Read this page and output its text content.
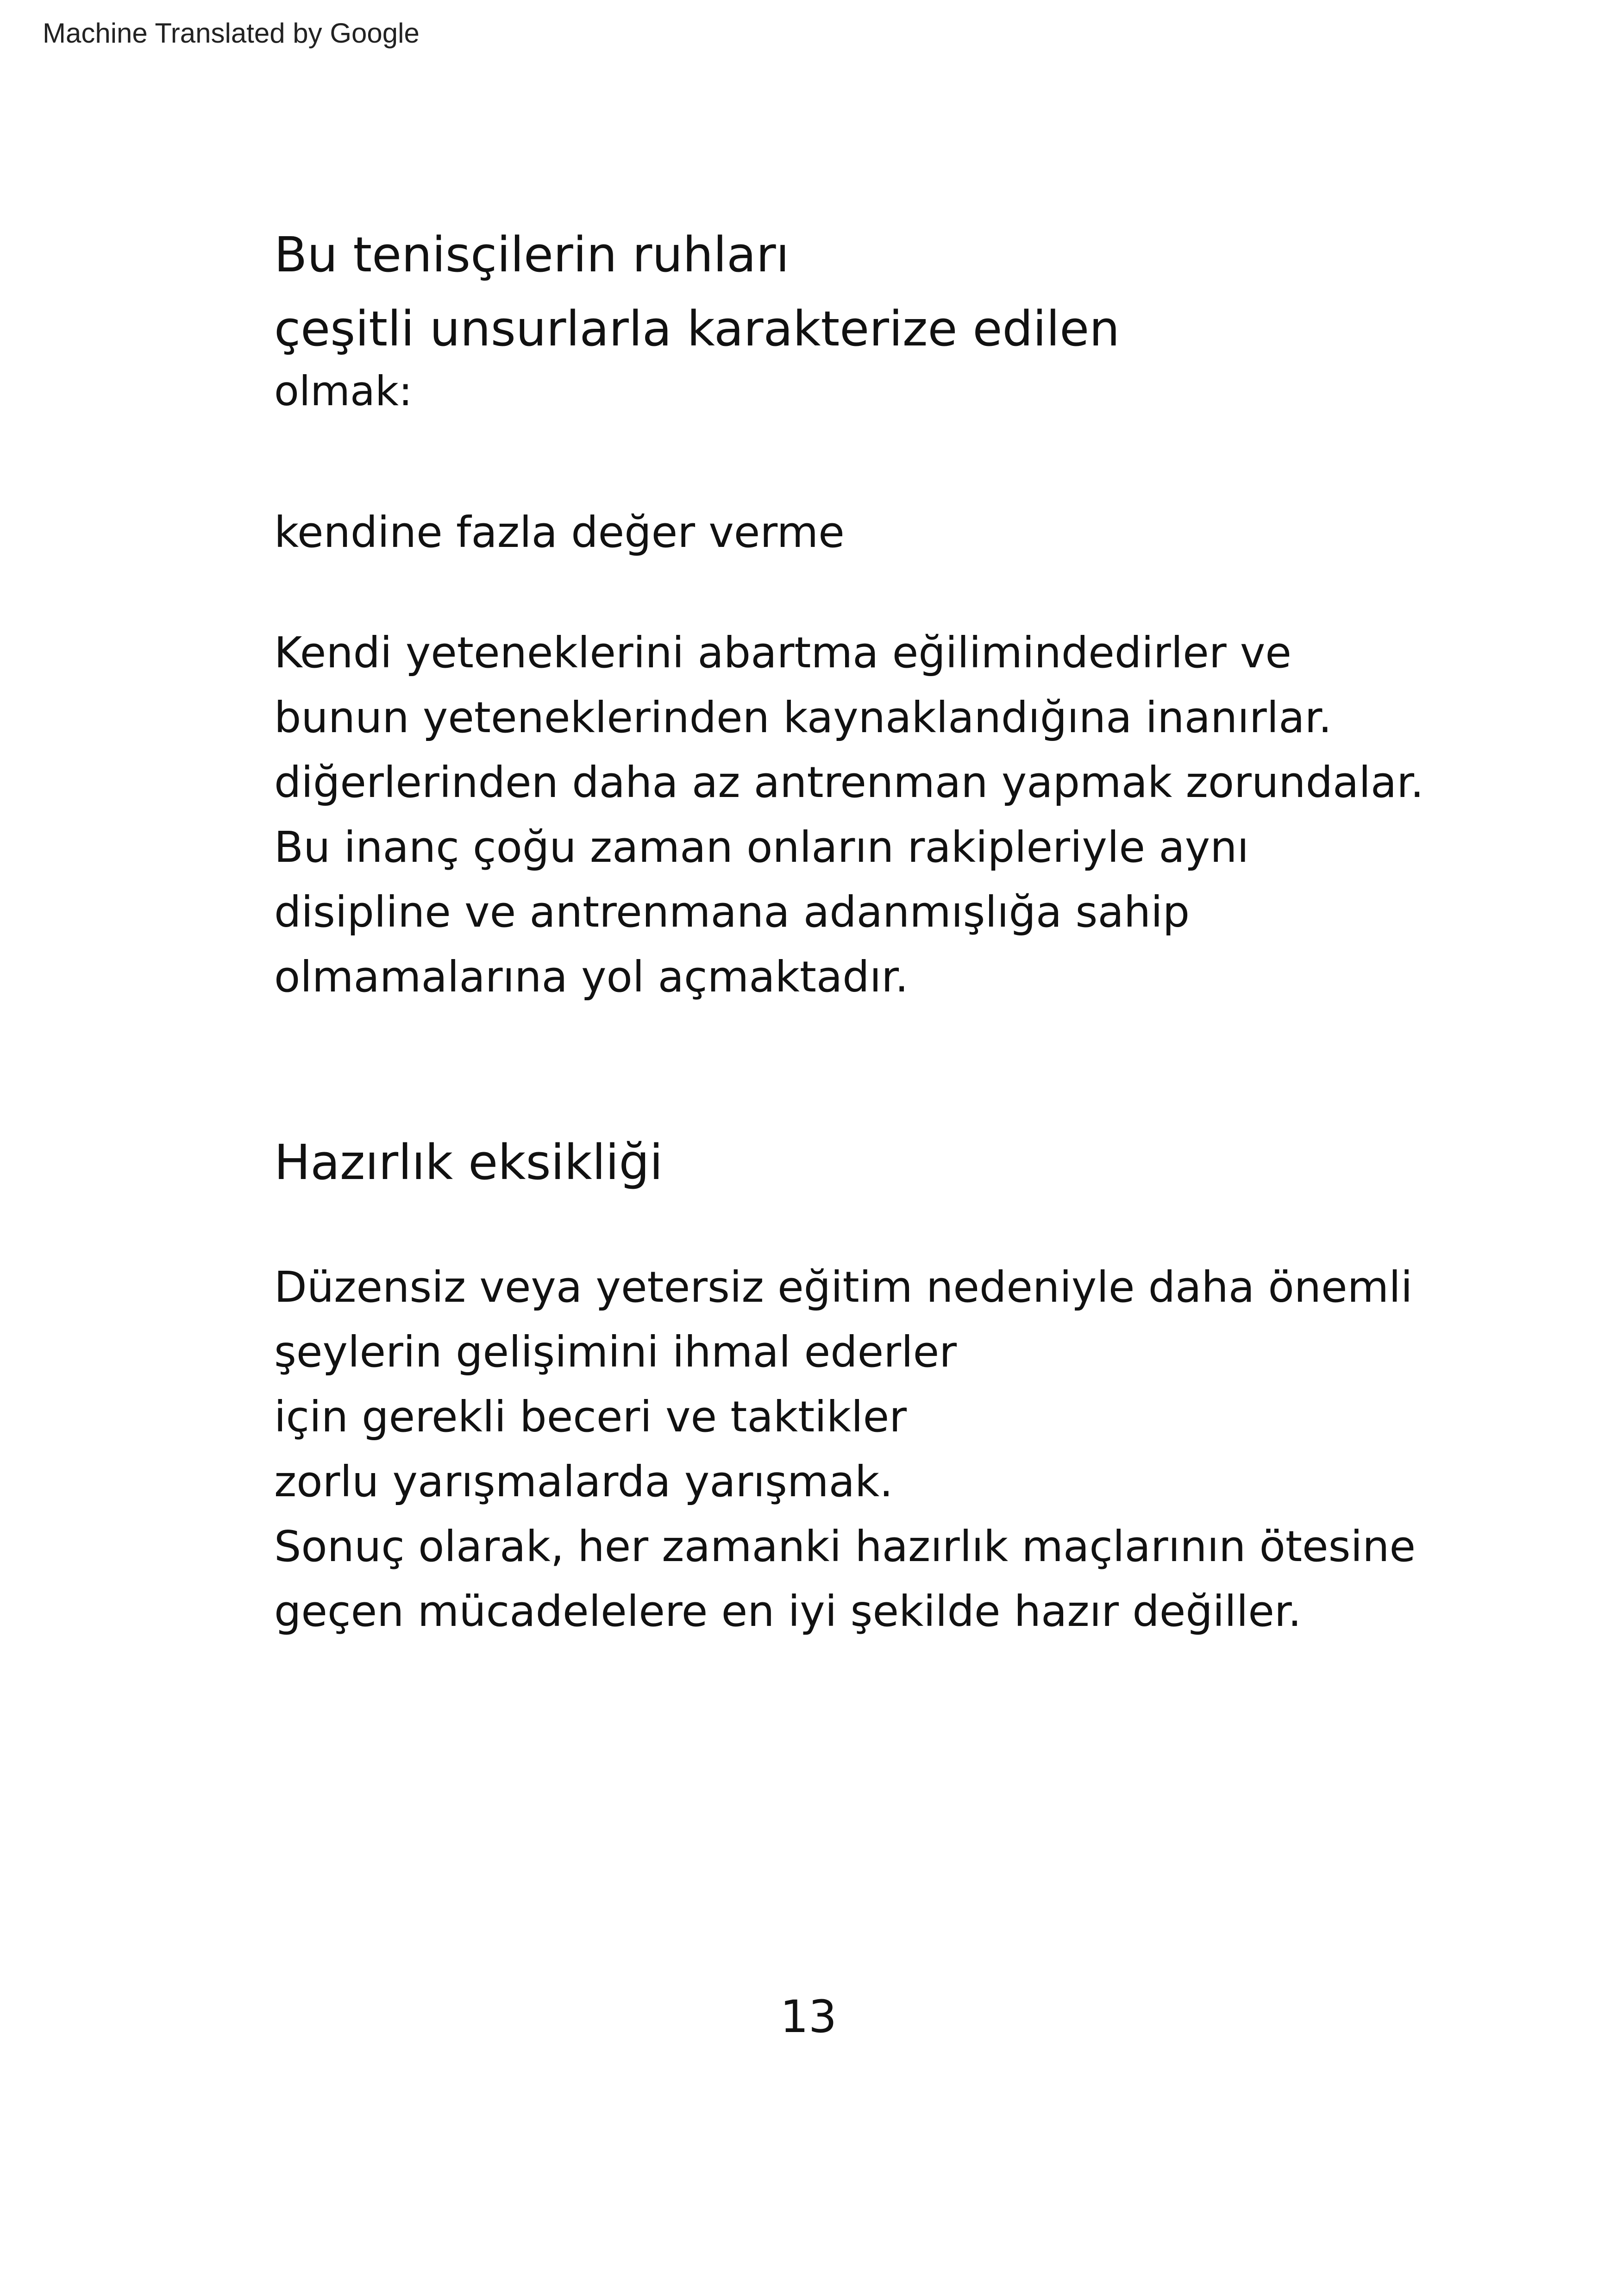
Machine Translated by Google
Bu tenisçilerin ruhları
çeşitli unsurlarla karakterize edilen
olmak:
kendine fazla değer verme
Kendi yeteneklerini abartma eğilimindedirler ve
bunun yeteneklerinden kaynaklandığına inanırlar.
diğerlerinden daha az antrenman yapmak zorundalar.
Bu inanç çoğu zaman onların rakipleriyle aynı
disipline ve antrenmana adanmışlığa sahip
olmamalarına yol açmaktadır.
Hazırlık eksikliği
Düzensiz veya yetersiz eğitim nedeniyle daha önemli
şeylerin gelişimini ihmal ederler
için gerekli beceri ve taktikler
zorlu yarışmalarda yarışmak.
Sonuç olarak, her zamanki hazırlık maçlarının ötesine
geçen mücadelelere en iyi şekilde hazır değiller.
13
